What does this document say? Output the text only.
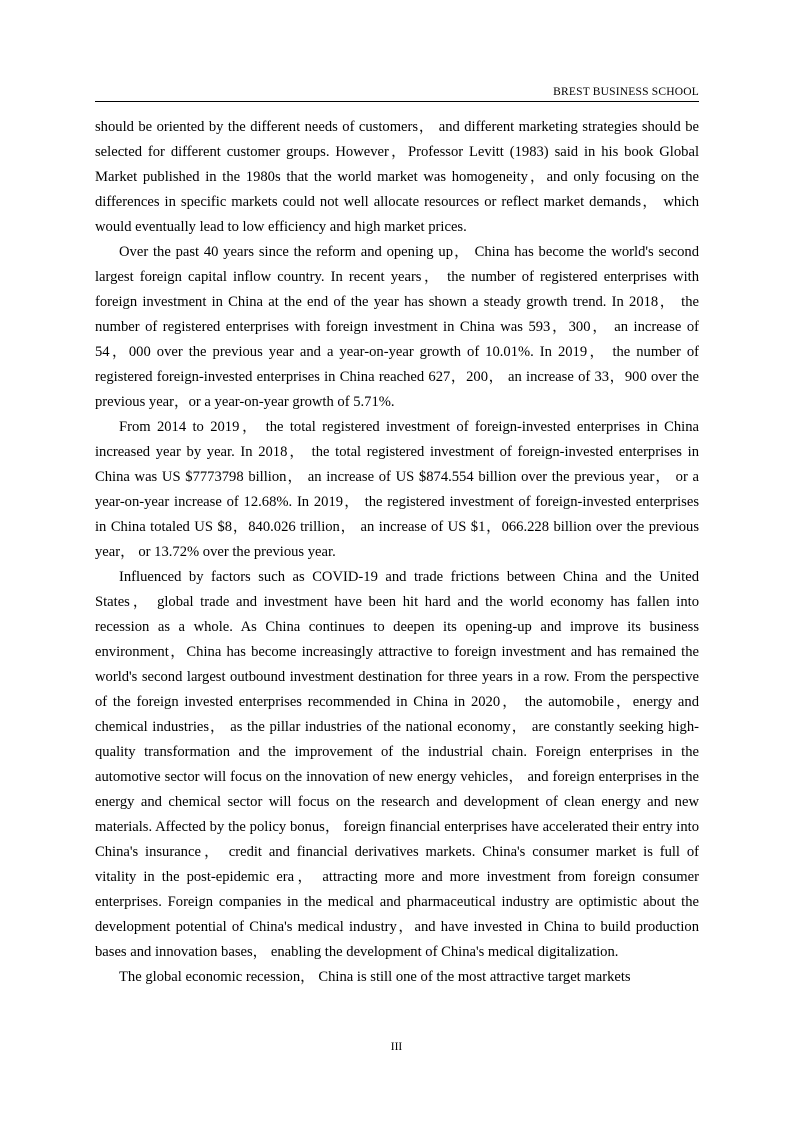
BREST BUSINESS SCHOOL

should be oriented by the different needs of customers， and different marketing strategies should be selected for different customer groups. However，Professor Levitt (1983) said in his book Global Market published in the 1980s that the world market was homogeneity，and only focusing on the differences in specific markets could not well allocate resources or reflect market demands， which would eventually lead to low efficiency and high market prices.

Over the past 40 years since the reform and opening up， China has become the world's second largest foreign capital inflow country. In recent years， the number of registered enterprises with foreign investment in China at the end of the year has shown a steady growth trend. In 2018， the number of registered enterprises with foreign investment in China was 593，300， an increase of 54，000 over the previous year and a year-on-year growth of 10.01%. In 2019， the number of registered foreign-invested enterprises in China reached 627，200， an increase of 33，900 over the previous year，or a year-on-year growth of 5.71%.

From 2014 to 2019， the total registered investment of foreign-invested enterprises in China increased year by year. In 2018， the total registered investment of foreign-invested enterprises in China was US $7773798 billion， an increase of US $874.554 billion over the previous year， or a year-on-year increase of 12.68%. In 2019， the registered investment of foreign-invested enterprises in China totaled US $8，840.026 trillion， an increase of US $1，066.228 billion over the previous year， or 13.72% over the previous year.

Influenced by factors such as COVID-19 and trade frictions between China and the United States， global trade and investment have been hit hard and the world economy has fallen into recession as a whole. As China continues to deepen its opening-up and improve its business environment，China has become increasingly attractive to foreign investment and has remained the world's second largest outbound investment destination for three years in a row. From the perspective of the foreign invested enterprises recommended in China in 2020， the automobile，energy and chemical industries， as the pillar industries of the national economy， are constantly seeking high-quality transformation and the improvement of the industrial chain. Foreign enterprises in the automotive sector will focus on the innovation of new energy vehicles， and foreign enterprises in the energy and chemical sector will focus on the research and development of clean energy and new materials. Affected by the policy bonus， foreign financial enterprises have accelerated their entry into China's insurance， credit and financial derivatives markets. China's consumer market is full of vitality in the post-epidemic era， attracting more and more investment from foreign consumer enterprises. Foreign companies in the medical and pharmaceutical industry are optimistic about the development potential of China's medical industry，and have invested in China to build production bases and innovation bases， enabling the development of China's medical digitalization.

The global economic recession， China is still one of the most attractive target markets

III
